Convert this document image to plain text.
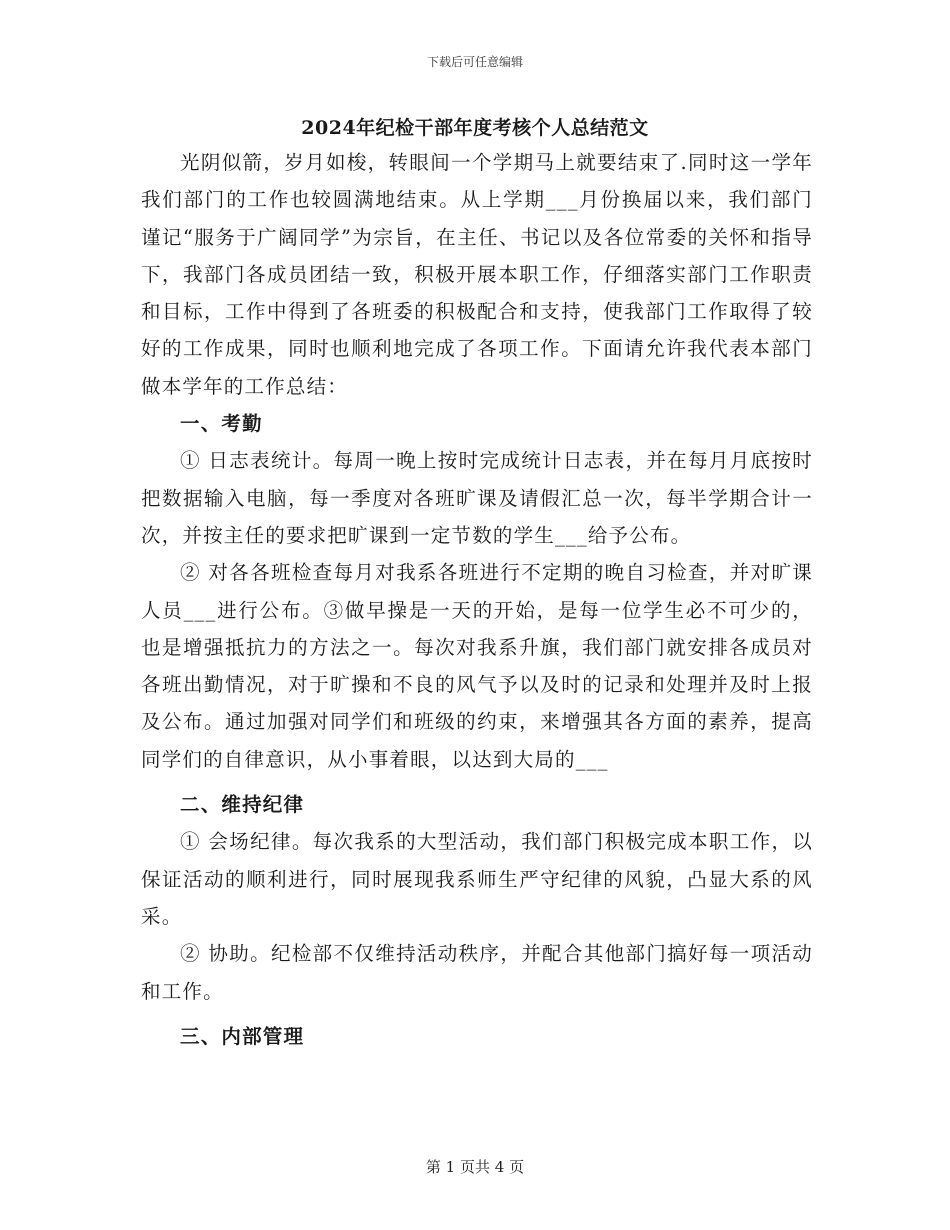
下载后可任意编辑
2024年纪检干部年度考核个人总结范文

光阴似箭，岁月如梭，转眼间一个学期马上就要结束了.同时这一学年我们部门的工作也较圆满地结束。从上学期___月份换届以来，我们部门谨记“服务于广阔同学”为宗旨，在主任、书记以及各位常委的关怀和指导下，我部门各成员团结一致，积极开展本职工作，仔细落实部门工作职责和目标，工作中得到了各班委的积极配合和支持，使我部门工作取得了较好的工作成果，同时也顺利地完成了各项工作。下面请允许我代表本部门做本学年的工作总结：

一、考勤

① 日志表统计。每周一晚上按时完成统计日志表，并在每月月底按时把数据输入电脑，每一季度对各班旷课及请假汇总一次，每半学期合计一次，并按主任的要求把旷课到一定节数的学生___给予公布。

② 对各各班检查每月对我系各班进行不定期的晚自习检查，并对旷课人员___进行公布。③做早操是一天的开始，是每一位学生必不可少的，也是增强抵抗力的方法之一。每次对我系升旗，我们部门就安排各成员对各班出勤情况，对于旷操和不良的风气予以及时的记录和处理并及时上报及公布。通过加强对同学们和班级的约束，来增强其各方面的素养，提高同学们的自律意识，从小事着眼，以达到大局的___

二、维持纪律

① 会场纪律。每次我系的大型活动，我们部门积极完成本职工作，以保证活动的顺利进行，同时展现我系师生严守纪律的风貌，凸显大系的风采。

② 协助。纪检部不仅维持活动秩序，并配合其他部门搞好每一项活动和工作。

三、内部管理
第 1 页共 4 页
